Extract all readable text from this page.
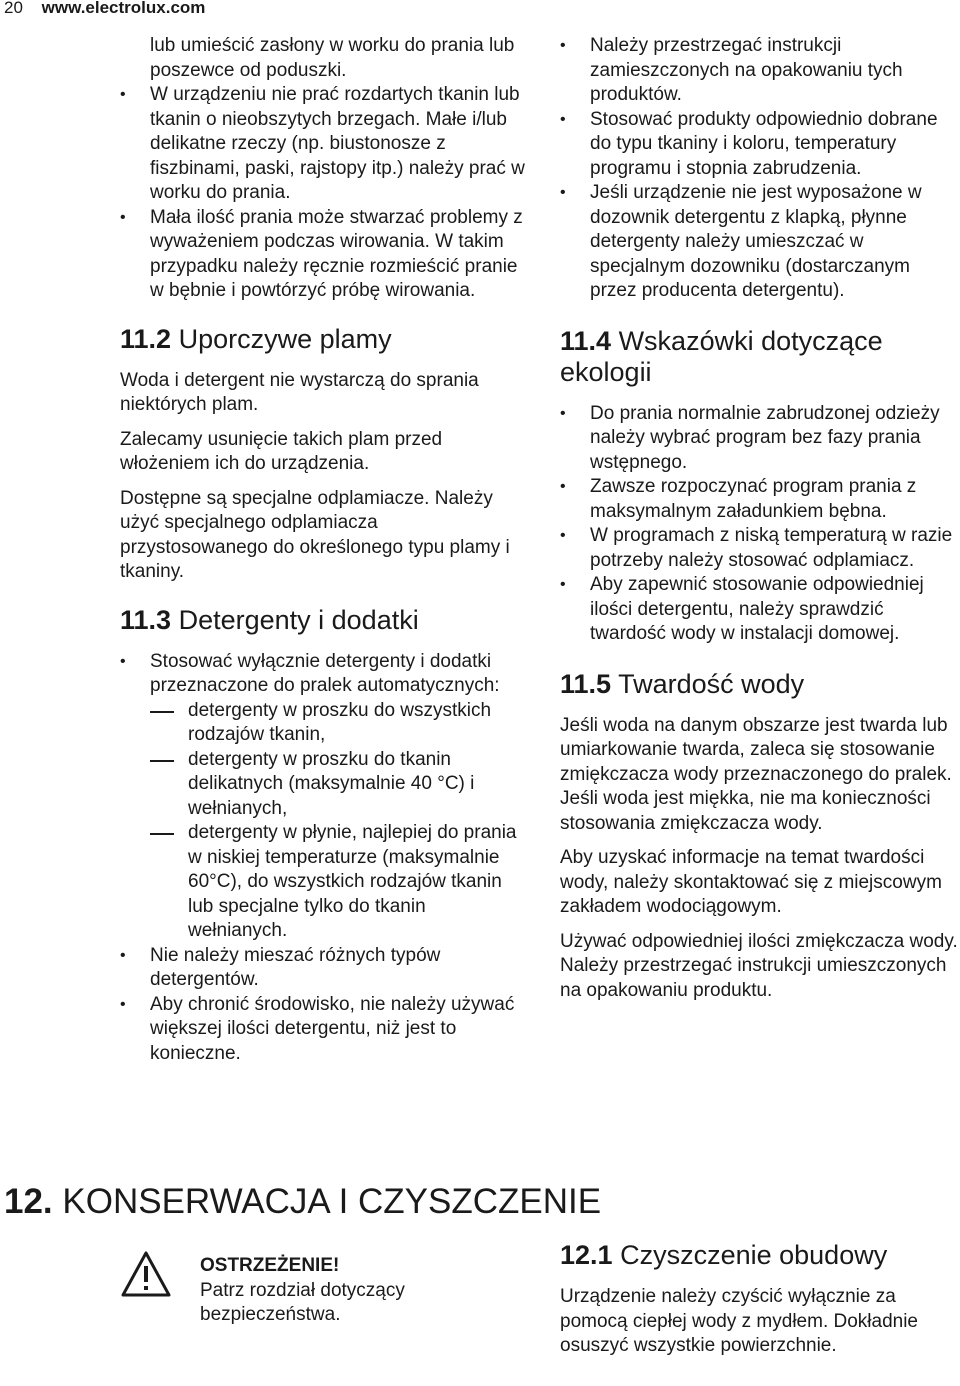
20 www.electrolux.com

lub umieścić zasłony w worku do prania lub poszewce od poduszki.

• W urządzeniu nie prać rozdartych tkanin lub tkanin o nieobszytych brzegach. Małe i/lub delikatne rzeczy (np. biustonosze z fiszbinami, paski, rajstopy itp.) należy prać w worku do prania.
• Mała ilość prania może stwarzać problemy z wyważeniem podczas wirowania. W takim przypadku należy ręcznie rozmieścić pranie w bębnie i powtórzyć próbę wirowania.
11.2 Uporczywe plamy

Woda i detergent nie wystarczą do sprania niektórych plam.

Zalecamy usunięcie takich plam przed włożeniem ich do urządzenia.

Dostępne są specjalne odplamiacze. Należy użyć specjalnego odplamiacza przystosowanego do określonego typu plamy i tkaniny.

11.3 Detergenty i dodatki
• Stosować wyłącznie detergenty i dodatki przeznaczone do pralek automatycznych:
detergenty w proszku do wszystkich rodzajów tkanin,
detergenty w proszku do tkanin delikatnych (maksymalnie 40 °C) i wełnianych,
detergenty w płynie, najlepiej do prania w niskiej temperaturze (maksymalnie 60°C), do wszystkich rodzajów tkanin lub specjalne tylko do tkanin wełnianych.
• Nie należy mieszać różnych typów detergentów.
• Aby chronić środowisko, nie należy używać większej ilości detergentu, niż jest to konieczne.
• Należy przestrzegać instrukcji zamieszczonych na opakowaniu tych produktów.
• Stosować produkty odpowiednio dobrane do typu tkaniny i koloru, temperatury programu i stopnia zabrudzenia.
• Jeśli urządzenie nie jest wyposażone w dozownik detergentu z klapką, płynne detergenty należy umieszczać w specjalnym dozowniku (dostarczanym przez producenta detergentu).
11.4 Wskazówki dotyczące ekologii
• Do prania normalnie zabrudzonej odzieży należy wybrać program bez fazy prania wstępnego.
• Zawsze rozpoczynać program prania z maksymalnym załadunkiem bębna.
• W programach z niską temperaturą w razie potrzeby należy stosować odplamiacz.
• Aby zapewnić stosowanie odpowiedniej ilości detergentu, należy sprawdzić twardość wody w instalacji domowej.
11.5 Twardość wody

Jeśli woda na danym obszarze jest twarda lub umiarkowanie twarda, zaleca się stosowanie zmiękczacza wody przeznaczonego do pralek. Jeśli woda jest miękka, nie ma konieczności stosowania zmiękczacza wody.

Aby uzyskać informacje na temat twardości wody, należy skontaktować się z miejscowym zakładem wodociągowym.

Używać odpowiedniej ilości zmiękczacza wody. Należy przestrzegać instrukcji umieszczonych na opakowaniu produktu.

12. KONSERWACJA I CZYSZCZENIE
OSTRZEŻENIE!
Patrz rozdział dotyczący
bezpieczeństwa.
12.1 Czyszczenie obudowy

Urządzenie należy czyścić wyłącznie za pomocą ciepłej wody z mydłem. Dokładnie osuszyć wszystkie powierzchnie.
